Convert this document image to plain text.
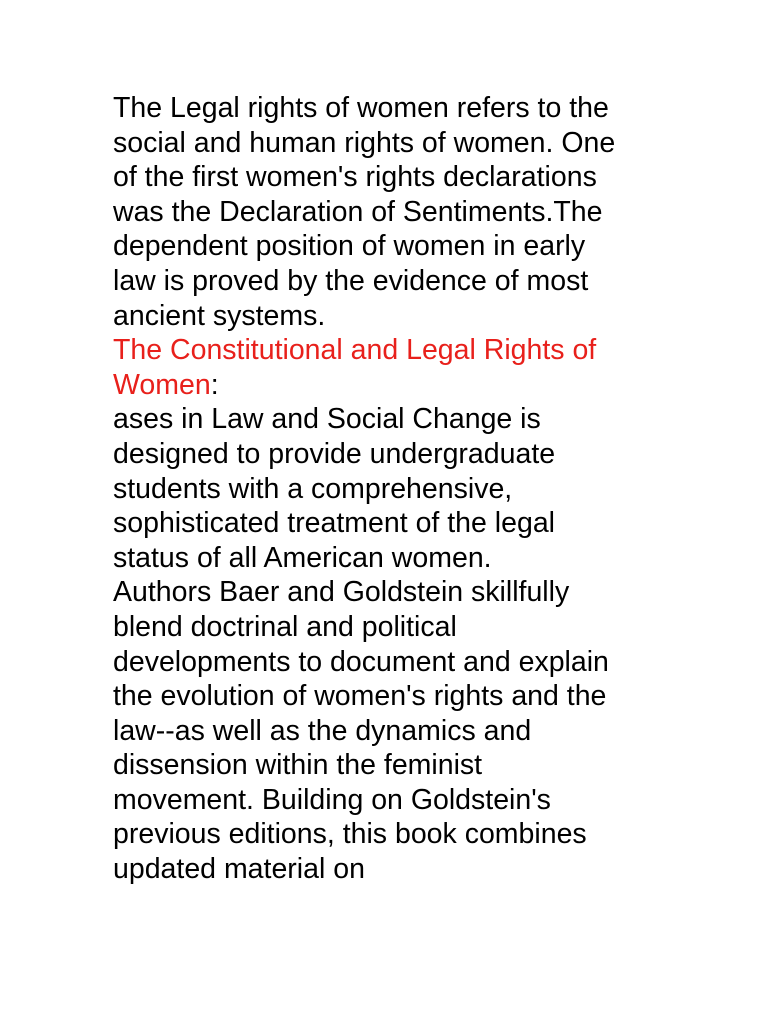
The Legal rights of women refers to the
social and human rights of women. One
of the first women's rights declarations
was the Declaration of Sentiments.The
dependent position of women in early
law is proved by the evidence of most
ancient systems.
The Constitutional and Legal Rights of
Women:
ases in Law and Social Change is
designed to provide undergraduate
students with a comprehensive,
sophisticated treatment of the legal
status of all American women.
Authors Baer and Goldstein skillfully
blend doctrinal and political
developments to document and explain
the evolution of women's rights and the
law--as well as the dynamics and
dissension within the feminist
movement. Building on Goldstein's
previous editions, this book combines
updated material on
